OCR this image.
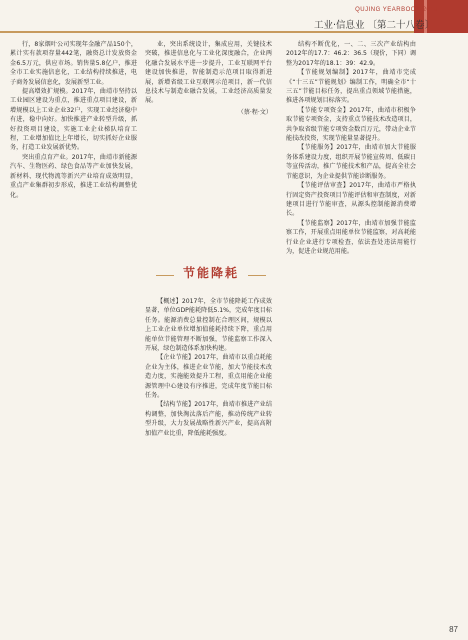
QUJING YEARBOOK 2018
工业·信息业 〔第二十八卷〕

行，8家烟叶公司实现年金融产品150个，累计实有款项存量442笔，融资总计发放资金金6.5万元，供应市场。销售量5.8亿户，推进全市工业实施信息化，工业结构持续推进，电子商务发展信息化，发展新型工业。

提高增效扩规模。2017年，曲靖市坚持以工业园区建设为重点，推进重点项目建设，新增规模以上工业企业32户，实现工业经济稳中有进，稳中向好。加快推进产业转型升级，抓好投资项目建设，实施工业企业梯队培育工程，工业增加值比上年增长，切实抓好企业服务，打造工业发展新优势。

突出重点育产业。2017年，曲靖市新能源汽车、生物医药、绿色食品等产业加快发展，新材料、现代物流等新兴产业培育成效明显，重点产业集群初步形成，推进工业结构调整优化。

业，突出系统设计，集成应用，关键技术突破，推进信息化与工业化深度融合，企业两化融合发展水平进一步提升，工业互联网平台建设加快推进，智能制造示范项目取得新进展，新增省级工业互联网示范项目，新一代信息技术与制造业融合发展，工业经济高质量发展。

（蔡·程·文）

节能降耗

【概述】2017年，全市节能降耗工作成效显著，单位GDP能耗降低5.1%，完成年度目标任务。能源消费总量控制在合理区间，规模以上工业企业单位增加值能耗持续下降，重点用能单位节能管理不断加强，节能监察工作深入开展，绿色制造体系加快构建。

【企业节能】2017年，曲靖市以重点耗能企业为主体，推进企业节能，加大节能技术改造力度，实施能效提升工程，重点用能企业能源管理中心建设有序推进，完成年度节能目标任务。

【结构节能】2017年，曲靖市推进产业结构调整，加快淘汰落后产能，推动传统产业转型升级，大力发展战略性新兴产业，提高高附加值产业比重，降低能耗强度。

结构不断优化，一、二、三次产业结构由2012年的17.7：46.2：36.5（现价，下同）调整为2017年的18.1：39：42.9。

【节能规划编制】2017年，曲靖市完成《“十三五”节能规划》编制工作，明确全市“十三五”节能目标任务，提出重点领域节能措施，推进各项规划目标落实。

【节能专项资金】2017年，曲靖市积极争取节能专项资金，支持重点节能技术改造项目，共争取省级节能专项资金数百万元，带动企业节能技改投资，实现节能量显著提升。

【节能服务】2017年，曲靖市加大节能服务体系建设力度，组织开展节能宣传周、低碳日等宣传活动，推广节能技术和产品，提高全社会节能意识，为企业提供节能诊断服务。

【节能评估审查】2017年，曲靖市严格执行固定资产投资项目节能评估和审查制度，对新建项目进行节能审查，从源头控制能源消费增长。

【节能监察】2017年，曲靖市加强节能监察工作，开展重点用能单位节能监察，对高耗能行业企业进行专项检查，依法查处违法用能行为，促进企业规范用能。

87
